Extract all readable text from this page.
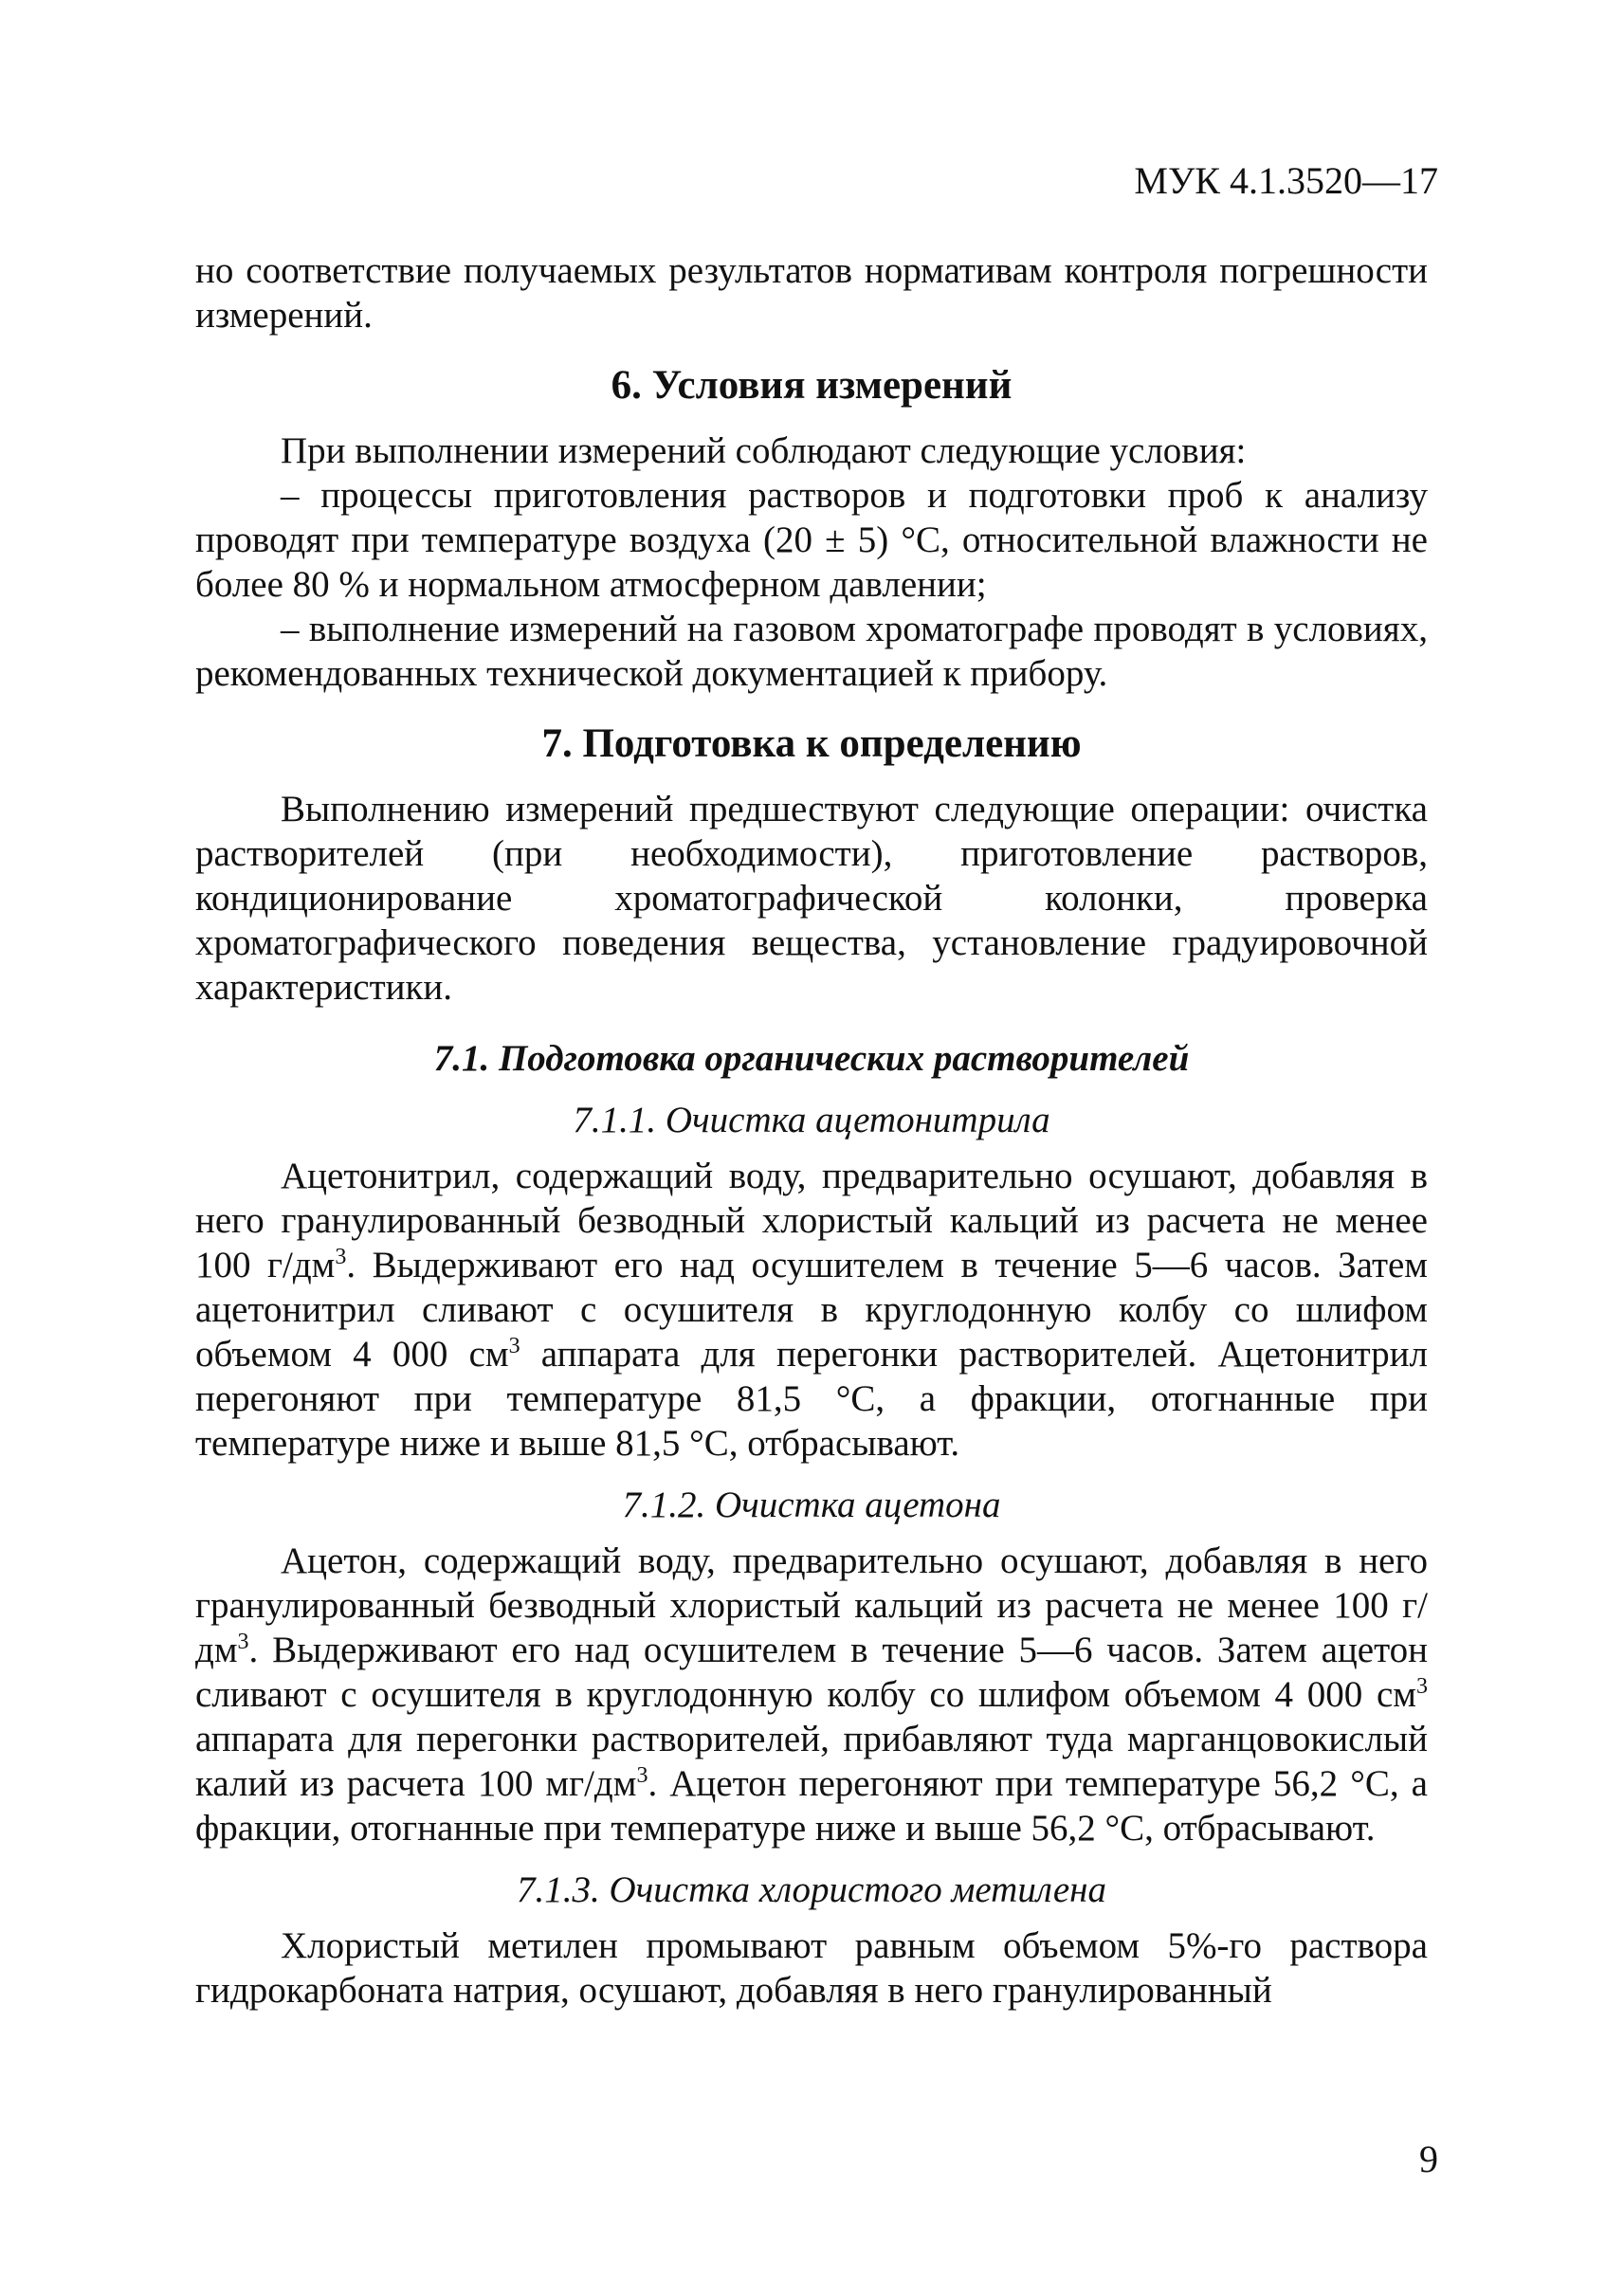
МУК 4.1.3520—17

но соответствие получаемых результатов нормативам контроля погрешности измерений.

6. Условия измерений

При выполнении измерений соблюдают следующие условия:

– процессы приготовления растворов и подготовки проб к анализу проводят при температуре воздуха (20 ± 5) °С, относительной влажности не более 80 % и нормальном атмосферном давлении;

– выполнение измерений на газовом хроматографе проводят в условиях, рекомендованных технической документацией к прибору.

7. Подготовка к определению

Выполнению измерений предшествуют следующие операции: очистка растворителей (при необходимости), приготовление растворов, кондиционирование хроматографической колонки, проверка хроматографического поведения вещества, установление градуировочной характеристики.

7.1. Подготовка органических растворителей
7.1.1. Очистка ацетонитрила

Ацетонитрил, содержащий воду, предварительно осушают, добавляя в него гранулированный безводный хлористый кальций из расчета не менее 100 $г/дм^3$. Выдерживают его над осушителем в течение 5—6 часов. Затем ацетонитрил сливают с осушителя в круглодонную колбу со шлифом объемом 4 000 $см^3$ аппарата для перегонки растворителей. Ацетонитрил перегоняют при температуре 81,5 °С, а фракции, отогнанные при температуре ниже и выше 81,5 °С, отбрасывают.

7.1.2. Очистка ацетона

Ацетон, содержащий воду, предварительно осушают, добавляя в него гранулированный безводный хлористый кальций из расчета не менее 100 $г/дм^3$. Выдерживают его над осушителем в течение 5—6 часов. Затем ацетон сливают с осушителя в круглодонную колбу со шлифом объемом 4 000 $см^3$ аппарата для перегонки растворителей, прибавляют туда марганцовокислый калий из расчета 100 $мг/дм^3$. Ацетон перегоняют при температуре 56,2 °С, а фракции, отогнанные при температуре ниже и выше 56,2 °С, отбрасывают.

7.1.3. Очистка хлористого метилена

Хлористый метилен промывают равным объемом 5%-го раствора гидрокарбоната натрия, осушают, добавляя в него гранулированный

9
